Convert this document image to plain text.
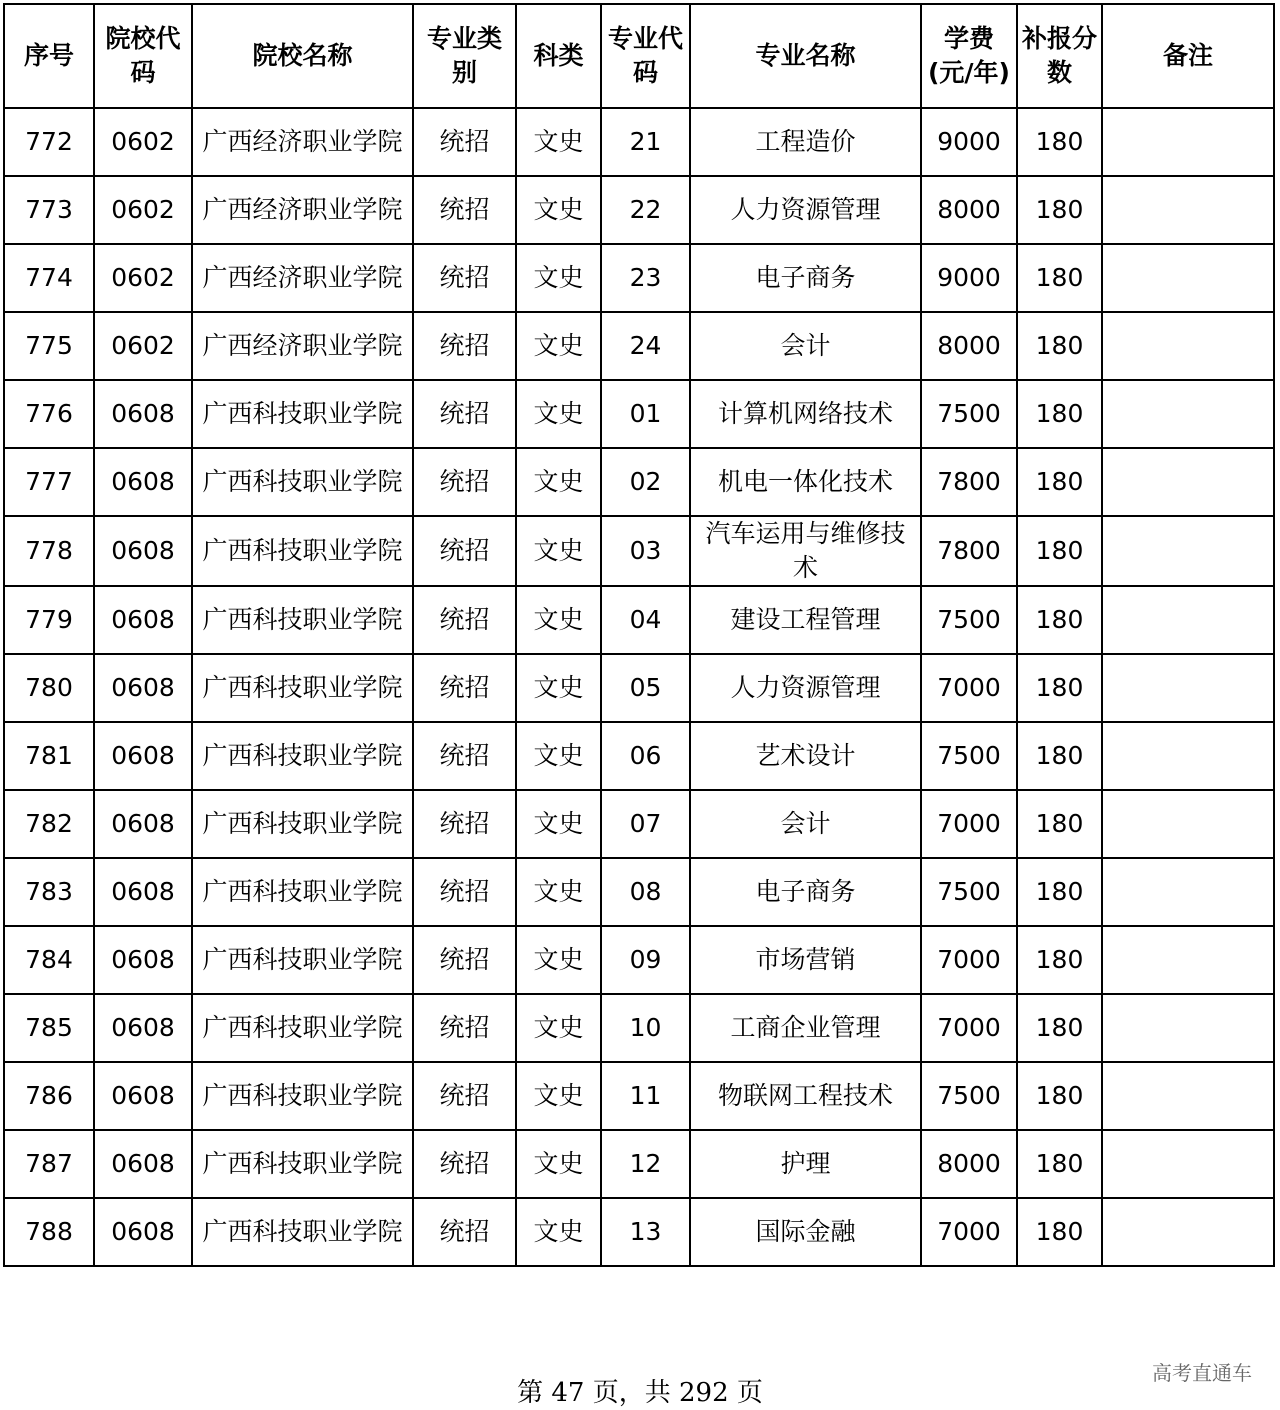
序号	院校代码	院校名称	专业类别	科类	专业代码	专业名称	学费(元/年)	补报分数	备注
772	0602	广西经济职业学院	统招	文史	21	工程造价	9000	180	
773	0602	广西经济职业学院	统招	文史	22	人力资源管理	8000	180	
774	0602	广西经济职业学院	统招	文史	23	电子商务	9000	180	
775	0602	广西经济职业学院	统招	文史	24	会计	8000	180	
776	0608	广西科技职业学院	统招	文史	01	计算机网络技术	7500	180	
777	0608	广西科技职业学院	统招	文史	02	机电一体化技术	7800	180	
778	0608	广西科技职业学院	统招	文史	03	汽车运用与维修技术	7800	180	
779	0608	广西科技职业学院	统招	文史	04	建设工程管理	7500	180	
780	0608	广西科技职业学院	统招	文史	05	人力资源管理	7000	180	
781	0608	广西科技职业学院	统招	文史	06	艺术设计	7500	180	
782	0608	广西科技职业学院	统招	文史	07	会计	7000	180	
783	0608	广西科技职业学院	统招	文史	08	电子商务	7500	180	
784	0608	广西科技职业学院	统招	文史	09	市场营销	7000	180	
785	0608	广西科技职业学院	统招	文史	10	工商企业管理	7000	180	
786	0608	广西科技职业学院	统招	文史	11	物联网工程技术	7500	180	
787	0608	广西科技职业学院	统招	文史	12	护理	8000	180	
788	0608	广西科技职业学院	统招	文史	13	国际金融	7000	180	
第 47 页，共 292 页
高考直通车
